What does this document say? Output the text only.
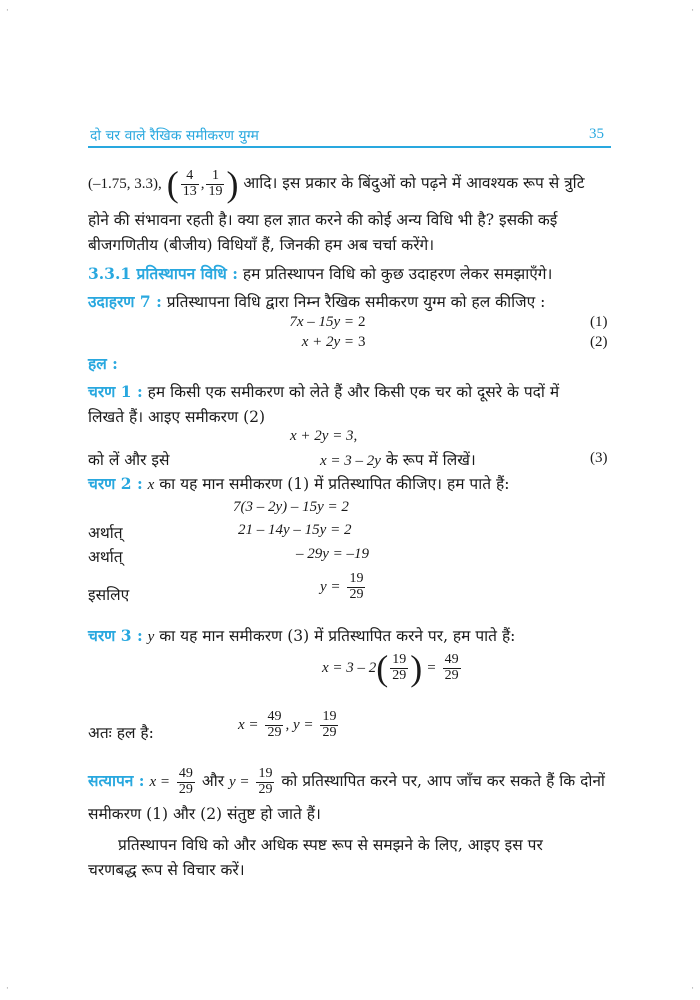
·	·
·	·
दो चर वाले रैखिक समीकरण युग्म	35
(–1.75, 3.3), ( $\frac{4}{13}$ , $\frac{1}{19}$ ) आदि। इस प्रकार के बिंदुओं को पढ़ने में आवश्यक रूप से त्रुटि
होने की संभावना रहती है। क्या हल ज्ञात करने की कोई अन्य विधि भी है? इसकी कई
बीजगणितीय (बीजीय) विधियाँ हैं, जिनकी हम अब चर्चा करेंगे।
3.3.1 प्रतिस्थापन विधि : हम प्रतिस्थापन विधि को कुछ उदाहरण लेकर समझाएँगे।
उदाहरण 7 : प्रतिस्थापना विधि द्वारा निम्न रैखिक समीकरण युग्म को हल कीजिए :
7x – 15y = 2	(1)
x + 2y = 3	(2)
हल :
चरण 1 : हम किसी एक समीकरण को लेते हैं और किसी एक चर को दूसरे के पदों में
लिखते हैं। आइए समीकरण (2)
x + 2y = 3,
को लें और इसे	x = 3 – 2y के रूप में लिखें।	(3)
चरण 2 : x का यह मान समीकरण (1) में प्रतिस्थापित कीजिए। हम पाते हैं:
7(3 – 2y) – 15y = 2
अर्थात्	21 – 14y – 15y = 2
अर्थात्	– 29y = –19
इसलिए	$y = \frac{19}{29}$
चरण 3 : y का यह मान समीकरण (3) में प्रतिस्थापित करने पर, हम पाते हैं:
$x = 3 - 2( \frac{19}{29}$ ) = $\frac{49}{29}$
अतः हल है:	$x = \frac{49}{29}$ , $y = \frac{19}{29}$
सत्यापन : $x = \frac{49}{29}$ और $y = \frac{19}{29}$ को प्रतिस्थापित करने पर, आप जाँच कर सकते हैं कि दोनों
समीकरण (1) और (2) संतुष्ट हो जाते हैं।
प्रतिस्थापन विधि को और अधिक स्पष्ट रूप से समझने के लिए, आइए इस पर
चरणबद्ध रूप से विचार करें।
